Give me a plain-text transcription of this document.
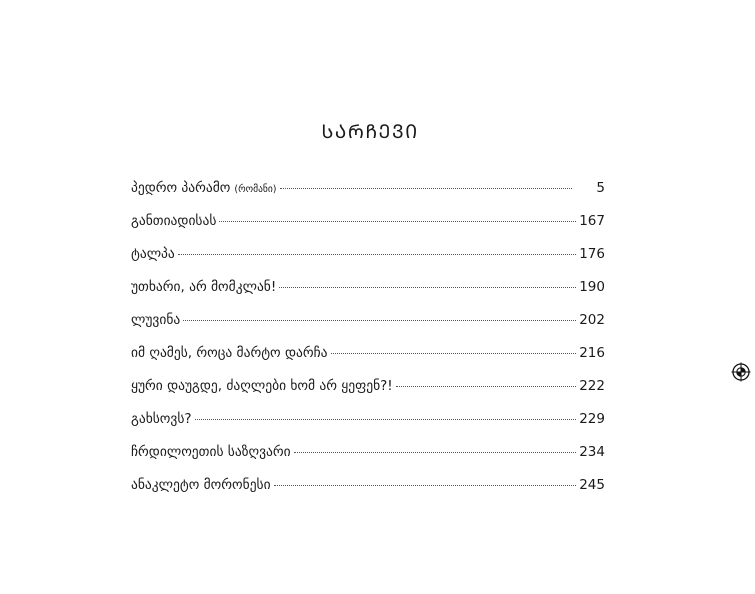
ᲡᲐᲠᲩᲔᲕᲘ
პედრო პარამო (რომანი)	5
განთიადისას	167
ტალპა	176
უთხარი, არ მომკლან!	190
ლუვინა	202
იმ ღამეს, როცა მარტო დარჩა	216
ყური დაუგდე, ძაღლები ხომ არ ყეფენ?!	222
გახსოვს?	229
ჩრდილოეთის საზღვარი	234
ანაკლეტო მორონესი	245
